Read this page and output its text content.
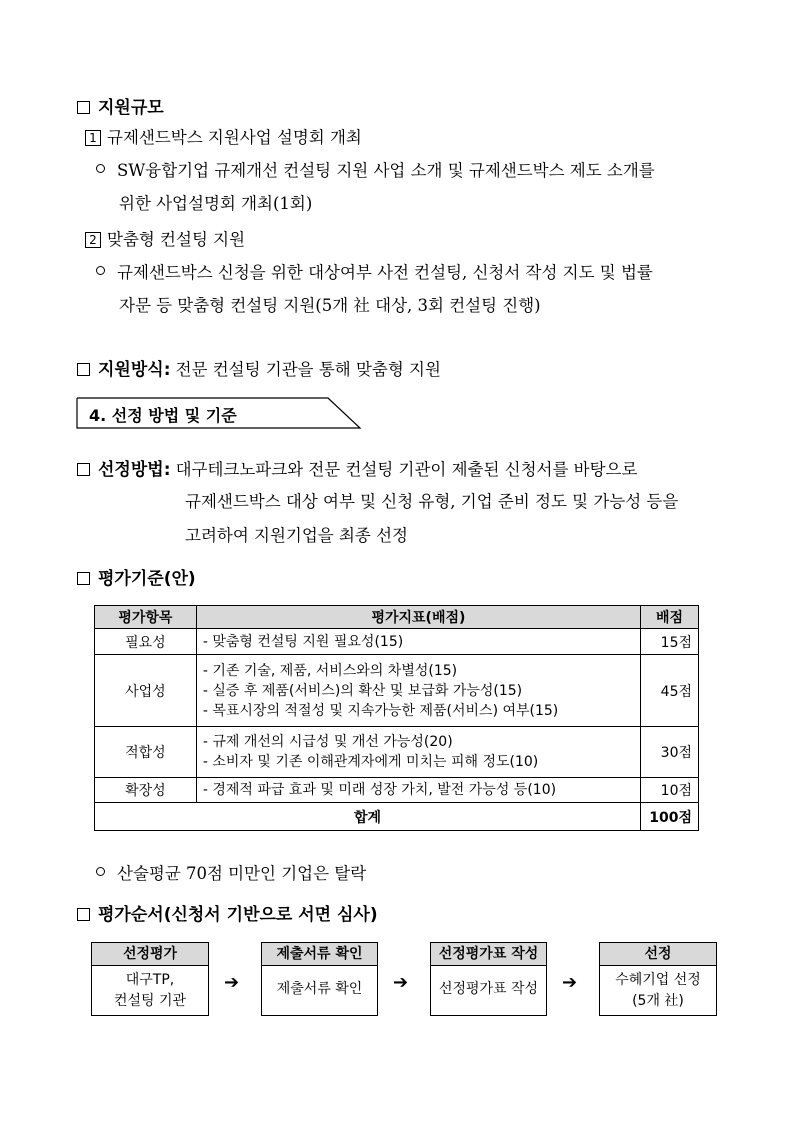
지원규모
1 규제샌드박스 지원사업 설명회 개최
SW융합기업 규제개선 컨설팅 지원 사업 소개 및 규제샌드박스 제도 소개를
위한 사업설명회 개최(1회)
2 맞춤형 컨설팅 지원
규제샌드박스 신청을 위한 대상여부 사전 컨설팅, 신청서 작성 지도 및 법률
자문 등 맞춤형 컨설팅 지원(5개 社 대상, 3회 컨설팅 진행)
지원방식: 전문 컨설팅 기관을 통해 맞춤형 지원
4. 선정 방법 및 기준
선정방법: 대구테크노파크와 전문 컨설팅 기관이 제출된 신청서를 바탕으로
규제샌드박스 대상 여부 및 신청 유형, 기업 준비 정도 및 가능성 등을
고려하여 지원기업을 최종 선정
평가기준(안)
평가항목	평가지표(배점)	배점
필요성	- 맞춤형 컨설팅 지원 필요성(15)	15점
사업성	- 기존 기술, 제품, 서비스와의 차별성(15)
- 실증 후 제품(서비스)의 확산 및 보급화 가능성(15)
- 목표시장의 적절성 및 지속가능한 제품(서비스) 여부(15)	45점
적합성	- 규제 개선의 시급성 및 개선 가능성(20)
- 소비자 및 기존 이해관계자에게 미치는 피해 정도(10)	30점
확장성	- 경제적 파급 효과 및 미래 성장 가치, 발전 가능성 등(10)	10점
합계		100점
산술평균 70점 미만인 기업은 탈락
평가순서(신청서 기반으로 서면 심사)
선정평가
대구TP,
컨설팅 기관
➔
제출서류 확인
제출서류 확인	➔
선정평가표 작성
선정평가표 작성	➔
선정
수혜기업 선정
(5개 社)
